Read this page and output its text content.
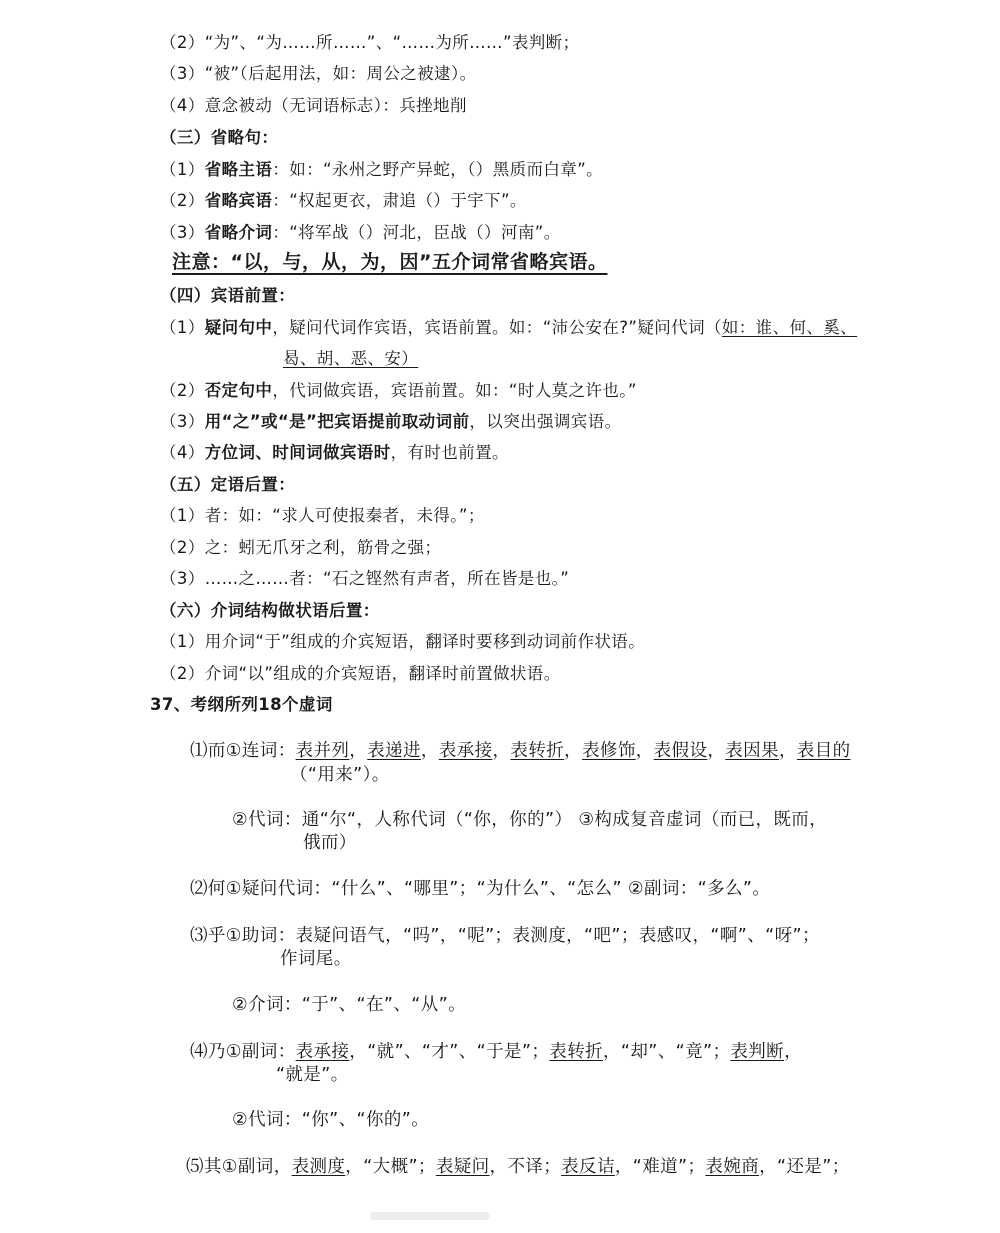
（2）“为”、“为……所……”、“……为所……”表判断；
（3）“被”（后起用法，如：周公之被逮）。
（4）意念被动（无词语标志）：兵挫地削
（三）省略句：
（1）省略主语：如：“永州之野产异蛇，（）黑质而白章”。
（2）省略宾语：“权起更衣，肃追（）于宇下”。
（3）省略介词：“将军战（）河北，臣战（）河南”。
注意：“以，与，从，为，因”五介词常省略宾语。
（四）宾语前置：
（1）疑问句中，疑问代词作宾语，宾语前置。如：“沛公安在?”疑问代词（如：谁、何、奚、
曷、胡、恶、安）
（2）否定句中，代词做宾语，宾语前置。如：“时人莫之许也。”
（3）用“之”或“是”把宾语提前取动词前，以突出强调宾语。
（4）方位词、时间词做宾语时，有时也前置。
（五）定语后置：
（1）者：如：“求人可使报秦者，未得。”；
（2）之：蚓无爪牙之利，筋骨之强；
（3）……之……者：“石之铿然有声者，所在皆是也。”
（六）介词结构做状语后置：
（1）用介词“于”组成的介宾短语，翻译时要移到动词前作状语。
（2）介词“以”组成的介宾短语，翻译时前置做状语。
37、考纲所列18个虚词
⑴而①连词：表并列，表递进，表承接，表转折，表修饰，表假设，表因果，表目的
（“用来”）。
②代词：通“尔“，人称代词（“你，你的”） ③构成复音虚词（而已，既而，
俄而）
⑵何①疑问代词：“什么”、“哪里”；“为什么”、“怎么” ②副词：“多么”。
⑶乎①助词：表疑问语气，“吗”，“呢”；表测度，“吧”；表感叹，“啊”、“呀”；
作词尾。
②介词：“于”、“在”、“从”。
⑷乃①副词：表承接，“就”、“才”、“于是”；表转折，“却”、“竟”；表判断，
“就是”。
②代词：“你”、“你的”。
⑸其①副词，表测度，“大概”；表疑问，不译；表反诘，“难道”；表婉商，“还是”；
